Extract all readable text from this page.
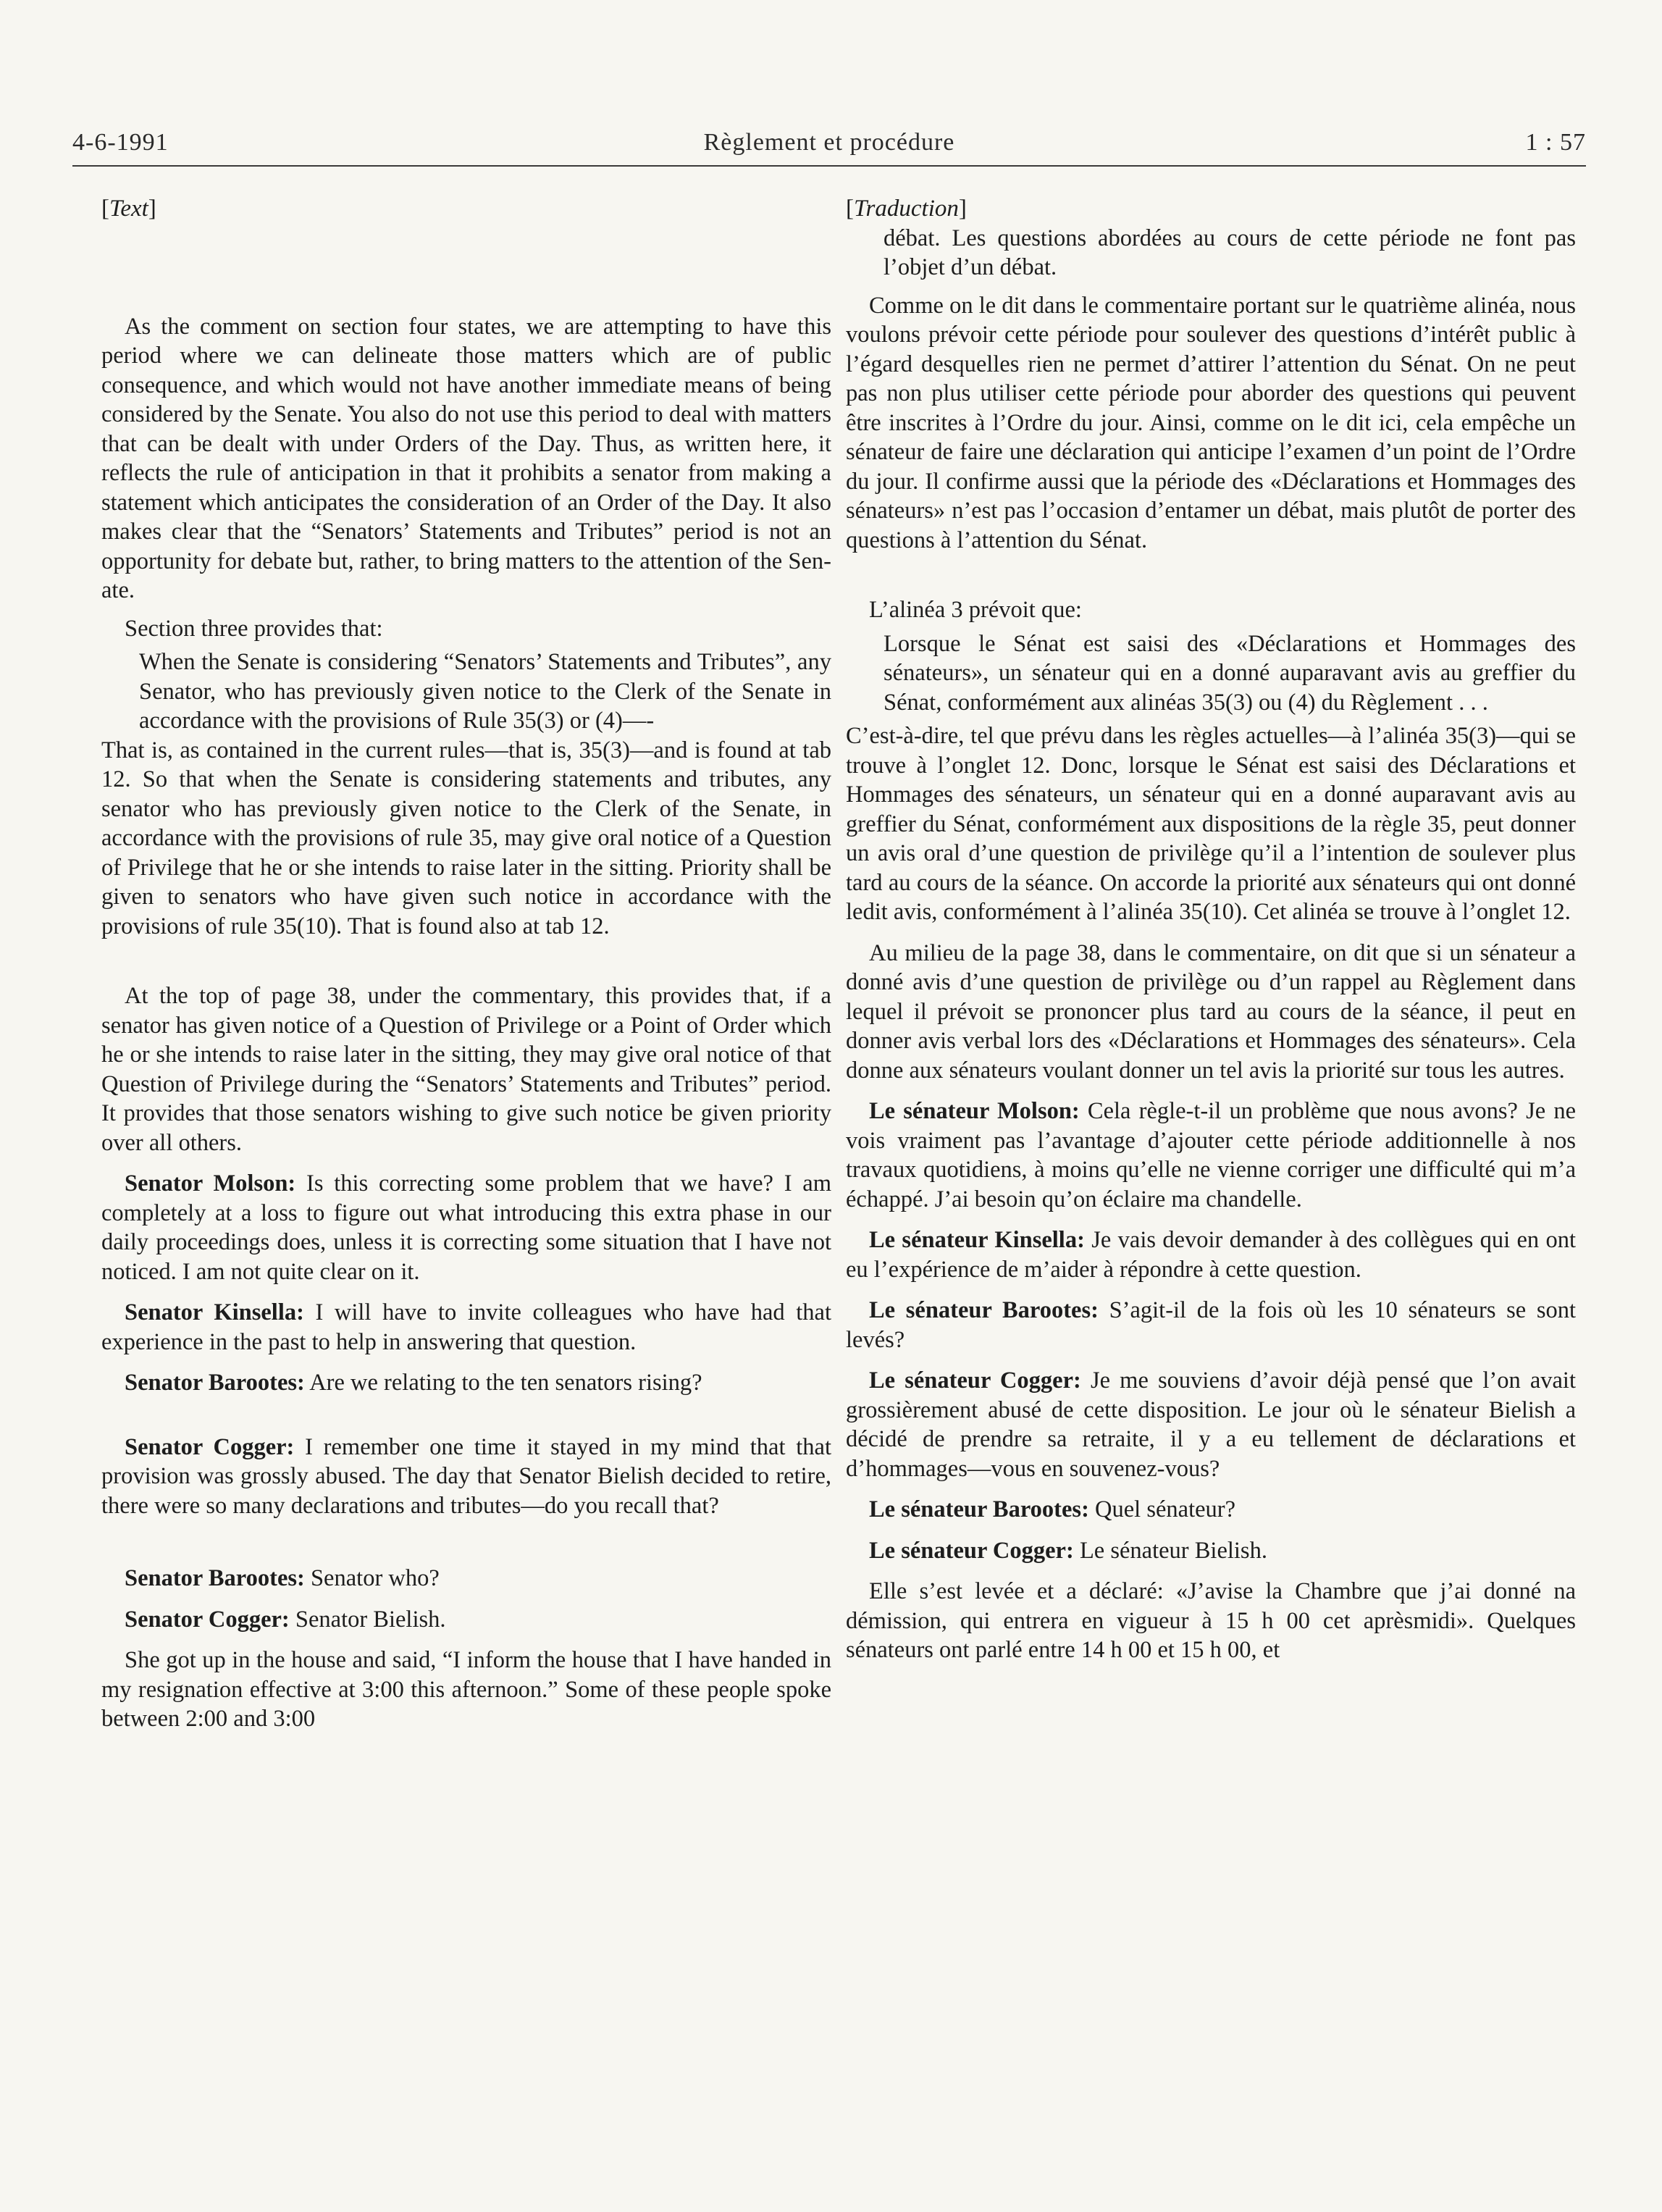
4-6-1991	Règlement et procédure	1 : 57

[Text]

As the comment on section four states, we are attempting to have this period where we can delineate those matters which are of public consequence, and which would not have another immediate means of being considered by the Senate. You also do not use this period to deal with matters that can be dealt with under Orders of the Day. Thus, as written here, it reflects the rule of anticipation in that it prohibits a senator from making a statement which anticipates the consideration of an Order of the Day. It also makes clear that the “Senators’ Statements and Tributes” period is not an opportunity for debate but, rather, to bring matters to the attention of the Senate.

Section three provides that:

When the Senate is considering “Senators’ Statements and Tributes”, any Senator, who has previously given notice to the Clerk of the Senate in accordance with the provisions of Rule 35(3) or (4)—-

That is, as contained in the current rules—that is, 35(3)—and is found at tab 12. So that when the Senate is considering statements and tributes, any senator who has previously given notice to the Clerk of the Senate, in accordance with the provisions of rule 35, may give oral notice of a Question of Privilege that he or she intends to raise later in the sitting. Priority shall be given to senators who have given such notice in accordance with the provisions of rule 35(10). That is found also at tab 12.

At the top of page 38, under the commentary, this provides that, if a senator has given notice of a Question of Privilege or a Point of Order which he or she intends to raise later in the sitting, they may give oral notice of that Question of Privilege during the “Senators’ Statements and Tributes” period. It provides that those senators wishing to give such notice be given priority over all others.

Senator Molson: Is this correcting some problem that we have? I am completely at a loss to figure out what introducing this extra phase in our daily proceedings does, unless it is correcting some situation that I have not noticed. I am not quite clear on it.

Senator Kinsella: I will have to invite colleagues who have had that experience in the past to help in answering that question.

Senator Barootes: Are we relating to the ten senators rising?

Senator Cogger: I remember one time it stayed in my mind that that provision was grossly abused. The day that Senator Bielish decided to retire, there were so many declarations and tributes—do you recall that?

Senator Barootes: Senator who?

Senator Cogger: Senator Bielish.

She got up in the house and said, “I inform the house that I have handed in my resignation effective at 3:00 this afternoon.” Some of these people spoke between 2:00 and 3:00

[Traduction]

débat. Les questions abordées au cours de cette période ne font pas l’objet d’un débat.

Comme on le dit dans le commentaire portant sur le quatrième alinéa, nous voulons prévoir cette période pour soulever des questions d’intérêt public à l’égard desquelles rien ne permet d’attirer l’attention du Sénat. On ne peut pas non plus utiliser cette période pour aborder des questions qui peuvent être inscrites à l’Ordre du jour. Ainsi, comme on le dit ici, cela empêche un sénateur de faire une déclaration qui anticipe l’examen d’un point de l’Ordre du jour. Il confirme aussi que la période des «Déclarations et Hommages des sénateurs» n’est pas l’occasion d’entamer un débat, mais plutôt de porter des questions à l’attention du Sénat.

L’alinéa 3 prévoit que:

Lorsque le Sénat est saisi des «Déclarations et Hommages des sénateurs», un sénateur qui en a donné auparavant avis au greffier du Sénat, conformément aux alinéas 35(3) ou (4) du Règlement . . .

C’est-à-dire, tel que prévu dans les règles actuelles—à l’alinéa 35(3)—qui se trouve à l’onglet 12. Donc, lorsque le Sénat est saisi des Déclarations et Hommages des sénateurs, un sénateur qui en a donné auparavant avis au greffier du Sénat, conformément aux dispositions de la règle 35, peut donner un avis oral d’une question de privilège qu’il a l’intention de soulever plus tard au cours de la séance. On accorde la priorité aux sénateurs qui ont donné ledit avis, conformément à l’alinéa 35(10). Cet alinéa se trouve à l’onglet 12.

Au milieu de la page 38, dans le commentaire, on dit que si un sénateur a donné avis d’une question de privilège ou d’un rappel au Règlement dans lequel il prévoit se prononcer plus tard au cours de la séance, il peut en donner avis verbal lors des «Déclarations et Hommages des sénateurs». Cela donne aux sénateurs voulant donner un tel avis la priorité sur tous les autres.

Le sénateur Molson: Cela règle-t-il un problème que nous avons? Je ne vois vraiment pas l’avantage d’ajouter cette période additionnelle à nos travaux quotidiens, à moins qu’elle ne vienne corriger une difficulté qui m’a échappé. J’ai besoin qu’on éclaire ma chandelle.

Le sénateur Kinsella: Je vais devoir demander à des collègues qui en ont eu l’expérience de m’aider à répondre à cette question.

Le sénateur Barootes: S’agit-il de la fois où les 10 sénateurs se sont levés?

Le sénateur Cogger: Je me souviens d’avoir déjà pensé que l’on avait grossièrement abusé de cette disposition. Le jour où le sénateur Bielish a décidé de prendre sa retraite, il y a eu tellement de déclarations et d’hommages—vous en souvenez-vous?

Le sénateur Barootes: Quel sénateur?

Le sénateur Cogger: Le sénateur Bielish.

Elle s’est levée et a déclaré: «J’avise la Chambre que j’ai donné na démission, qui entrera en vigueur à 15 h 00 cet aprèsmidi». Quelques sénateurs ont parlé entre 14 h 00 et 15 h 00, et
